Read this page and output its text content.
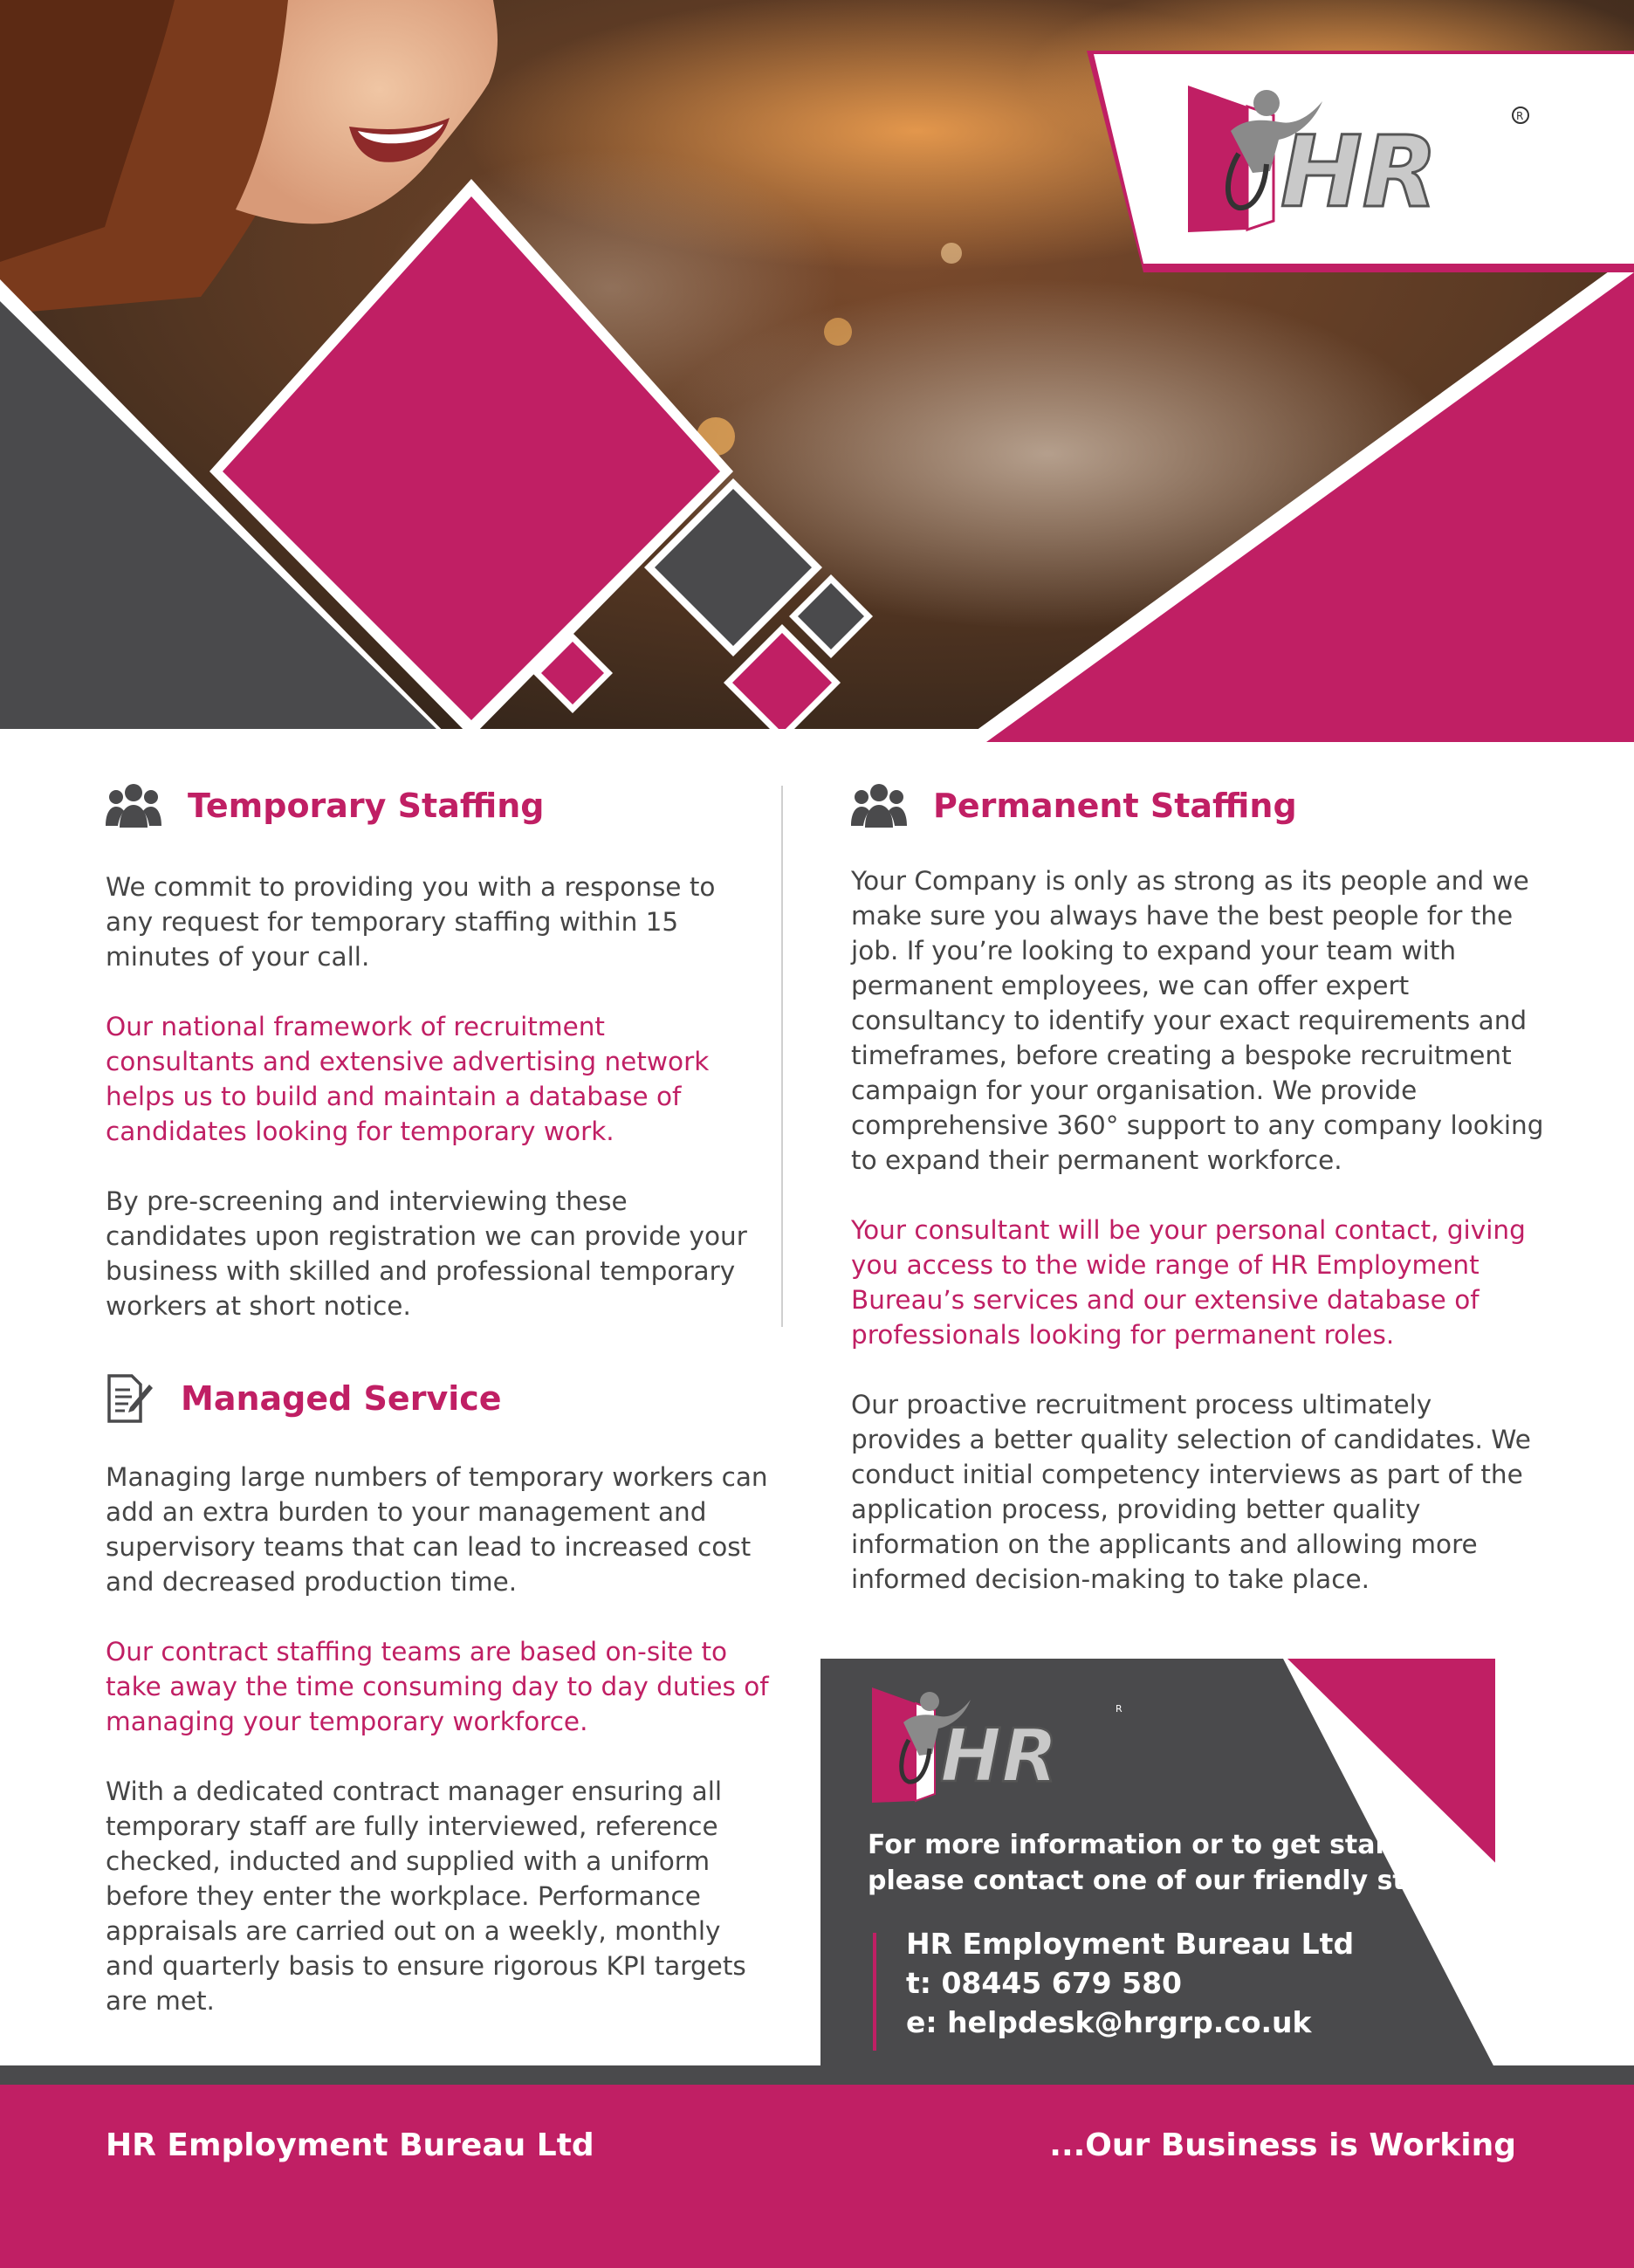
HR	R
Temporary Staffing

We commit to providing you with a response to any request for temporary staffing within 15 minutes of your call.

Our national framework of recruitment consultants and extensive advertising network helps us to build and maintain a database of candidates looking for temporary work.

By pre-screening and interviewing these candidates upon registration we can provide your business with skilled and professional temporary workers at short notice.

Managed Service

Managing large numbers of temporary workers can add an extra burden to your management and supervisory teams that can lead to increased cost and decreased production time.

Our contract staffing teams are based on-site to take away the time consuming day to day duties of managing your temporary workforce.

With a dedicated contract manager ensuring all temporary staff are fully interviewed, reference checked, inducted and supplied with a uniform before they enter the workplace. Performance appraisals are carried out on a weekly, monthly and quarterly basis to ensure rigorous KPI targets are met.

Permanent Staffing

Your Company is only as strong as its people and we make sure you always have the best people for the job. If you’re looking to expand your team with permanent employees, we can offer expert consultancy to identify your exact requirements and timeframes, before creating a bespoke recruitment campaign for your organisation. We provide comprehensive 360° support to any company looking to expand their permanent workforce.

Your consultant will be your personal contact, giving you access to the wide range of HR Employment Bureau’s services and our extensive database of professionals looking for permanent roles.

Our proactive recruitment process ultimately provides a better quality selection of candidates. We conduct initial competency interviews as part of the application process, providing better quality information on the applicants and allowing more informed decision-making to take place.

HR
R
For more information or to get started,
please contact one of our friendly staff.
HR Employment Bureau Ltd
t: 08445 679 580
e: helpdesk@hrgrp.co.uk
HR Employment Bureau Ltd	...Our Business is Working
